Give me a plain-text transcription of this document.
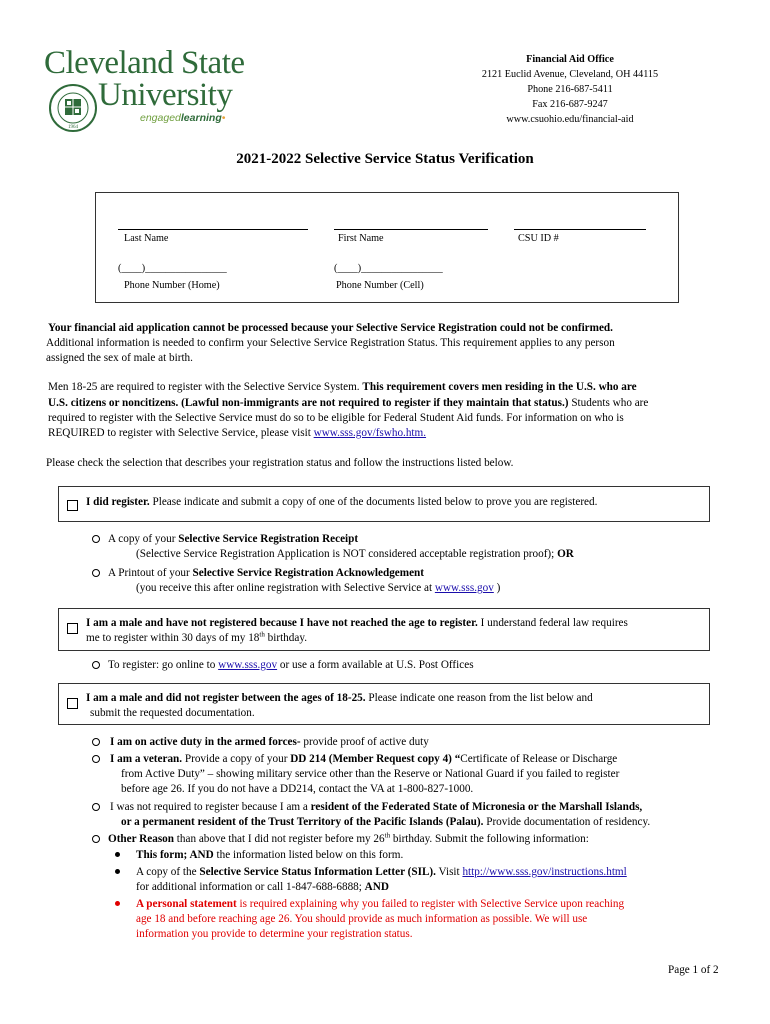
Cleveland State
University
1964
engagedlearning•
Financial Aid Office
2121 Euclid Avenue, Cleveland, OH 44115
Phone 216-687-5411
Fax 216-687-9247
www.csuohio.edu/financial-aid
2021-2022 Selective Service Status Verification
Last Name	First Name	CSU ID #
(____)________________
Phone Number (Home)
(____)________________
Phone Number (Cell)
Your financial aid application cannot be processed because your Selective Service Registration could not be confirmed.
Additional information is needed to confirm your Selective Service Registration Status. This requirement applies to any person
assigned the sex of male at birth.
Men 18-25 are required to register with the Selective Service System. This requirement covers men residing in the U.S. who are
U.S. citizens or noncitizens. (Lawful non-immigrants are not required to register if they maintain that status.) Students who are
required to register with the Selective Service must do so to be eligible for Federal Student Aid funds. For information on who is
REQUIRED to register with Selective Service, please visit www.sss.gov/fswho.htm.
Please check the selection that describes your registration status and follow the instructions listed below.
I did register. Please indicate and submit a copy of one of the documents listed below to prove you are registered.
A copy of your Selective Service Registration Receipt
(Selective Service Registration Application is NOT considered acceptable registration proof); OR
A Printout of your Selective Service Registration Acknowledgement
(you receive this after online registration with Selective Service at www.sss.gov )
I am a male and have not registered because I have not reached the age to register. I understand federal law requires
me to register within 30 days of my 18th birthday.
To register: go online to www.sss.gov or use a form available at U.S. Post Offices
I am a male and did not register between the ages of 18-25. Please indicate one reason from the list below and
submit the requested documentation.
I am on active duty in the armed forces- provide proof of active duty
I am a veteran. Provide a copy of your DD 214 (Member Request copy 4) “Certificate of Release or Discharge
from Active Duty” – showing military service other than the Reserve or National Guard if you failed to register
before age 26. If you do not have a DD214, contact the VA at 1-800-827-1000.
I was not required to register because I am a resident of the Federated State of Micronesia or the Marshall Islands,
or a permanent resident of the Trust Territory of the Pacific Islands (Palau). Provide documentation of residency.
Other Reason than above that I did not register before my 26th birthday. Submit the following information:
This form; AND the information listed below on this form.
A copy of the Selective Service Status Information Letter (SIL). Visit http://www.sss.gov/instructions.html
for additional information or call 1-847-688-6888; AND
A personal statement is required explaining why you failed to register with Selective Service upon reaching
age 18 and before reaching age 26. You should provide as much information as possible. We will use
information you provide to determine your registration status.
Page 1 of 2
